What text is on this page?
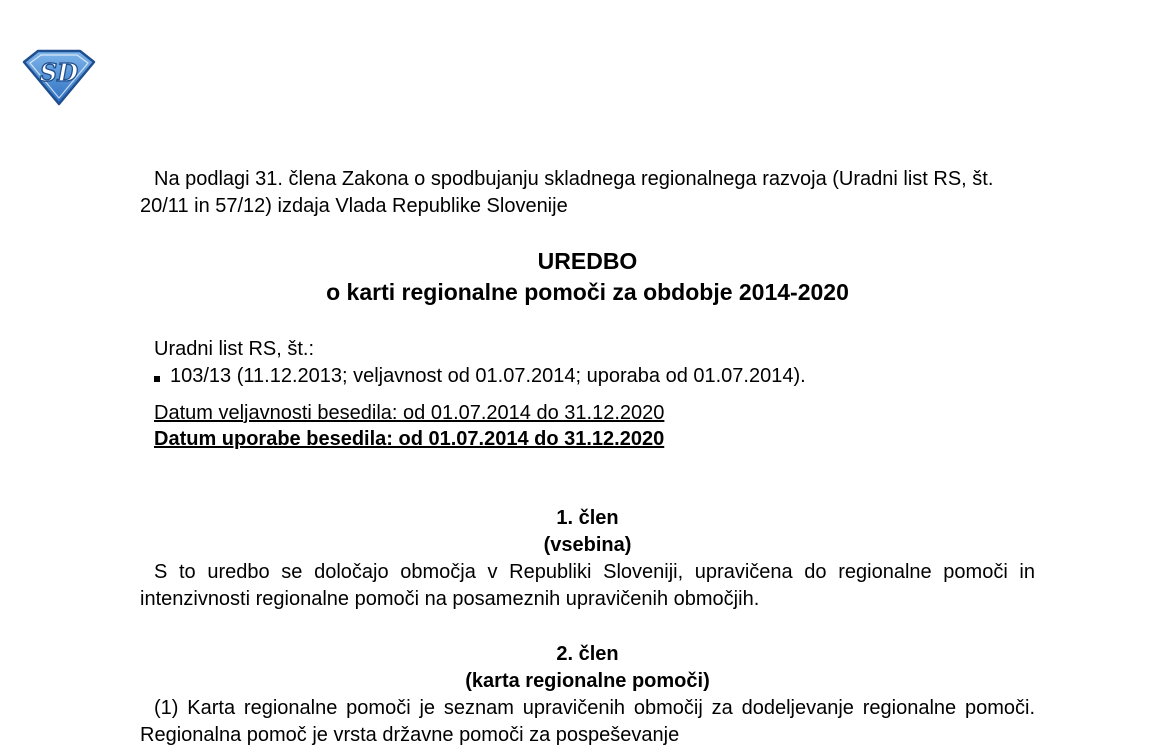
SD

Na podlagi 31. člena Zakona o spodbujanju skladnega regionalnega razvoja (Uradni list RS, št. 20/11 in 57/12) izdaja Vlada Republike Slovenije

UREDBO
o karti regionalne pomoči za obdobje 2014-2020
Uradni list RS, št.:
103/13 (11.12.2013; veljavnost od 01.07.2014; uporaba od 01.07.2014).
Datum veljavnosti besedila: od 01.07.2014 do 31.12.2020
Datum uporabe besedila: od 01.07.2014 do 31.12.2020
1. člen
(vsebina)

S to uredbo se določajo območja v Republiki Sloveniji, upravičena do regionalne pomoči in intenzivnosti regionalne pomoči na posameznih upravičenih območjih.

2. člen
(karta regionalne pomoči)

(1) Karta regionalne pomoči je seznam upravičenih območij za dodeljevanje regionalne pomoči. Regionalna pomoč je vrsta državne pomoči za pospeševanje
